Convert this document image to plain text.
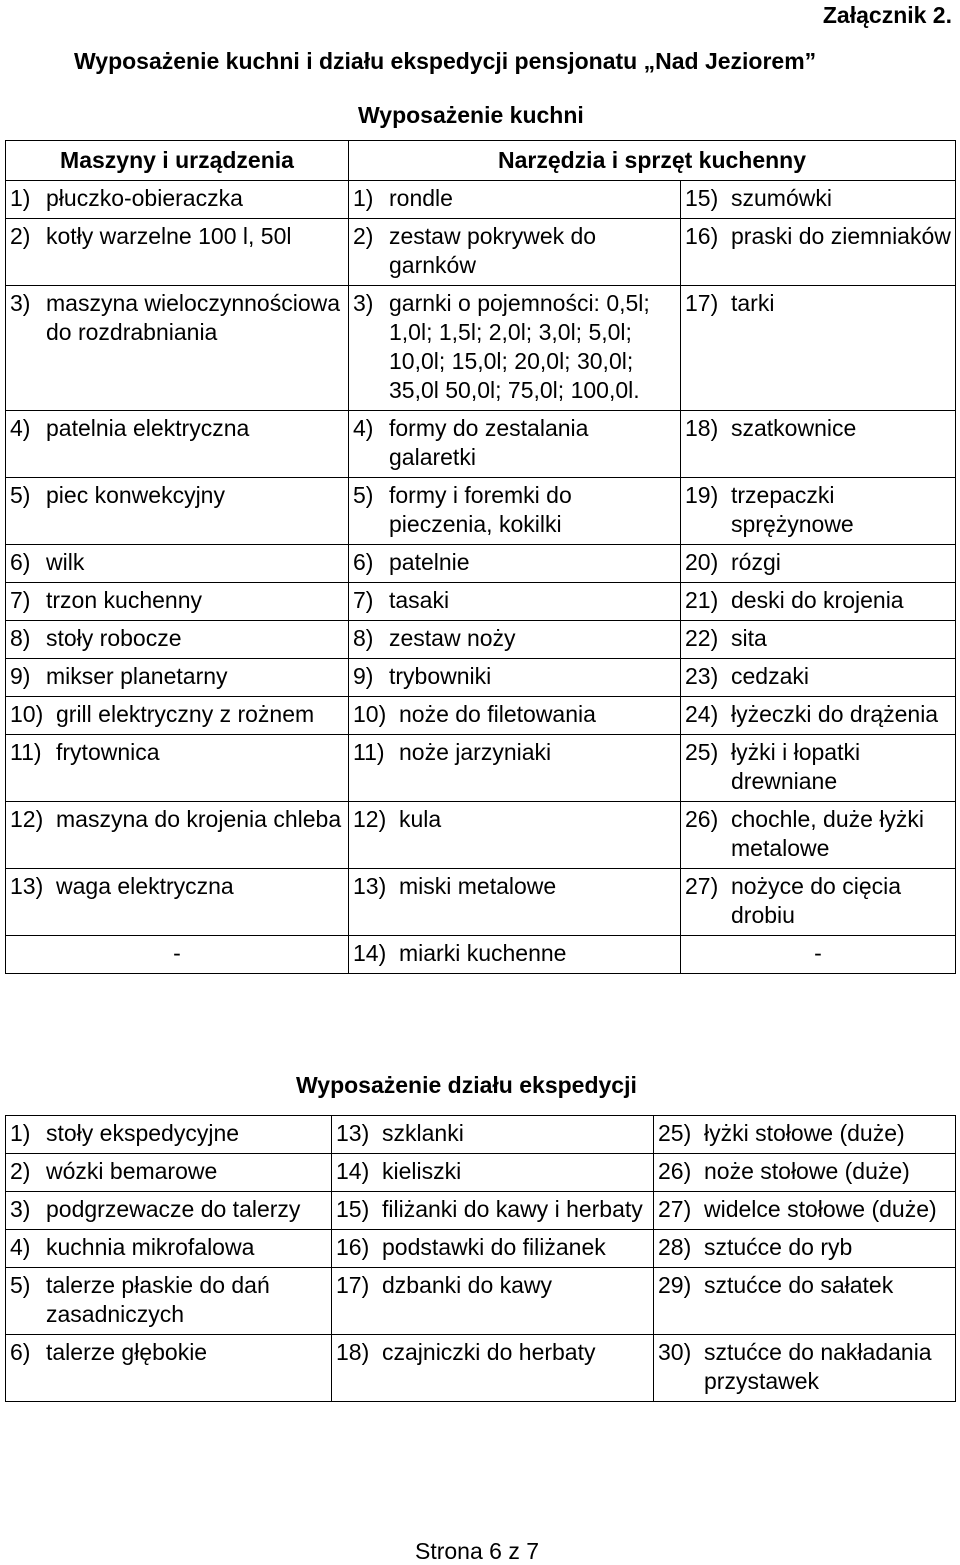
Załącznik 2.
Wyposażenie kuchni i działu ekspedycji pensjonatu „Nad Jeziorem”
Wyposażenie kuchni
Maszyny i urządzenia	Narzędzia i sprzęt kuchenny	

1) płuczko-obieraczka	1) rondle	15) szumówki

2) kotły warzelne 100 l, 50l	2) zestaw pokrywek do garnków	16) praski do ziemniaków

3) maszyna wieloczynnościowa do rozdrabniania	3) garnki o pojemności: 0,5l; 1,0l; 1,5l; 2,0l; 3,0l; 5,0l; 10,0l; 15,0l; 20,0l; 30,0l; 35,0l 50,0l; 75,0l; 100,0l.	17) tarki

4) patelnia elektryczna	4) formy do zestalania galaretki	18) szatkownice

5) piec konwekcyjny	5) formy i foremki do pieczenia, kokilki	19) trzepaczki sprężynowe

6) wilk	6) patelnie	20) rózgi

7) trzon kuchenny	7) tasaki	21) deski do krojenia

8) stoły robocze	8) zestaw noży	22) sita

9) mikser planetarny	9) trybowniki	23) cedzaki

10) grill elektryczny z rożnem	10) noże do filetowania	24) łyżeczki do drążenia

11) frytownica	11) noże jarzyniaki	25) łyżki i łopatki drewniane

12) maszyna do krojenia chleba	12) kula	26) chochle, duże łyżki metalowe

13) waga elektryczna	13) miski metalowe	27) nożyce do cięcia drobiu

-	14) miarki kuchenne	-
Wyposażenie działu ekspedycji
1) stoły ekspedycyjne	13) szklanki	25) łyżki stołowe (duże)

2) wózki bemarowe	14) kieliszki	26) noże stołowe (duże)

3) podgrzewacze do talerzy	15) filiżanki do kawy i herbaty	27) widelce stołowe (duże)

4) kuchnia mikrofalowa	16) podstawki do filiżanek	28) sztućce do ryb

5) talerze płaskie do dań zasadniczych	17) dzbanki do kawy	29) sztućce do sałatek

6) talerze głębokie	18) czajniczki do herbaty	30) sztućce do nakładania przystawek
Strona 6 z 7
